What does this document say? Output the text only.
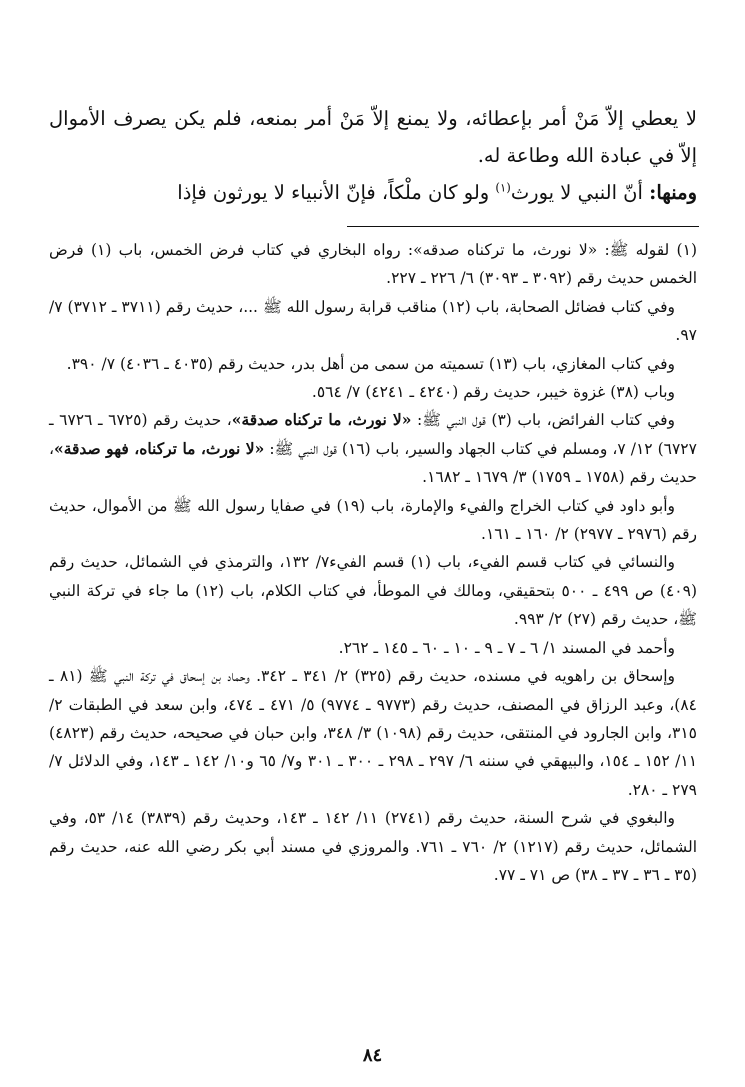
لا يعطي إلاّ مَنْ أمر بإعطائه، ولا يمنع إلاّ مَنْ أمر بمنعه، فلم يكن يصرف الأموال إلاّ في عبادة الله وطاعة له.

ومنها: أنّ النبي لا يورث$^{(١)}$ ولو كان ملْكاً، فإنّ الأنبياء لا يورثون فإذا

(١) لقوله ﷺ: «لا نورث، ما تركناه صدقه»: رواه البخاري في كتاب فرض الخمس، باب (١) فرض الخمس حديث رقم (٣٠٩٢ ـ ٣٠٩٣) ٦/ ٢٢٦ ـ ٢٢٧.

وفي كتاب فضائل الصحابة، باب (١٢) مناقب قرابة رسول الله ﷺ ...، حديث رقم (٣٧١١ ـ ٣٧١٢) ٧/ ٩٧.

وفي كتاب المغازي، باب (١٣) تسميته من سمى من أهل بدر، حديث رقم (٤٠٣٥ ـ ٤٠٣٦) ٧/ ٣٩٠.

وباب (٣٨) غزوة خيبر، حديث رقم (٤٢٤٠ ـ ٤٢٤١) ٧/ ٥٦٤.

وفي كتاب الفرائض، باب (٣) قول النبي ﷺ: «لا نورث، ما تركناه صدقة»، حديث رقم (٦٧٢٥ ـ ٦٧٢٦ ـ ٦٧٢٧) ١٢/ ٧، ومسلم في كتاب الجهاد والسير، باب (١٦) قول النبي ﷺ: «لا نورث، ما تركناه، فهو صدقة»، حديث رقم (١٧٥٨ ـ ١٧٥٩) ٣/ ١٦٧٩ ـ ١٦٨٢.

وأبو داود في كتاب الخراج والفيء والإمارة، باب (١٩) في صفايا رسول الله ﷺ من الأموال، حديث رقم (٢٩٧٦ ـ ٢٩٧٧) ٢/ ١٦٠ ـ ١٦١.

والنسائي في كتاب قسم الفيء، باب (١) قسم الفيء٧/ ١٣٢، والترمذي في الشمائل، حديث رقم (٤٠٩) ص ٤٩٩ ـ ٥٠٠ بتحقيقي، ومالك في الموطأ، في كتاب الكلام، باب (١٢) ما جاء في تركة النبي ﷺ، حديث رقم (٢٧) ٢/ ٩٩٣.

وأحمد في المسند ١/ ٦ ـ ٧ ـ ٩ ـ ١٠ ـ ٦٠ ـ ١٤٥ ـ ٢٦٢.

وإسحاق بن راهويه في مسنده، حديث رقم (٣٢٥) ٢/ ٣٤١ ـ ٣٤٢. وحماد بن إسحاق في تركة النبي ﷺ (٨١ ـ ٨٤)، وعبد الرزاق في المصنف، حديث رقم (٩٧٧٣ ـ ٩٧٧٤) ٥/ ٤٧١ ـ ٤٧٤، وابن سعد في الطبقات ٢/ ٣١٥، وابن الجارود في المنتقى، حديث رقم (١٠٩٨) ٣/ ٣٤٨، وابن حبان في صحيحه، حديث رقم (٤٨٢٣) ١١/ ١٥٢ ـ ١٥٤، والبيهقي في سننه ٦/ ٢٩٧ ـ ٢٩٨ ـ ٣٠٠ ـ ٣٠١ و٧/ ٦٥ و١٠/ ١٤٢ ـ ١٤٣، وفي الدلائل ٧/ ٢٧٩ ـ ٢٨٠.

والبغوي في شرح السنة، حديث رقم (٢٧٤١) ١١/ ١٤٢ ـ ١٤٣، وحديث رقم (٣٨٣٩) ١٤/ ٥٣، وفي الشمائل، حديث رقم (١٢١٧) ٢/ ٧٦٠ ـ ٧٦١. والمروزي في مسند أبي بكر رضي الله عنه، حديث رقم (٣٥ ـ ٣٦ ـ ٣٧ ـ ٣٨) ص ٧١ ـ ٧٧.

٨٤
